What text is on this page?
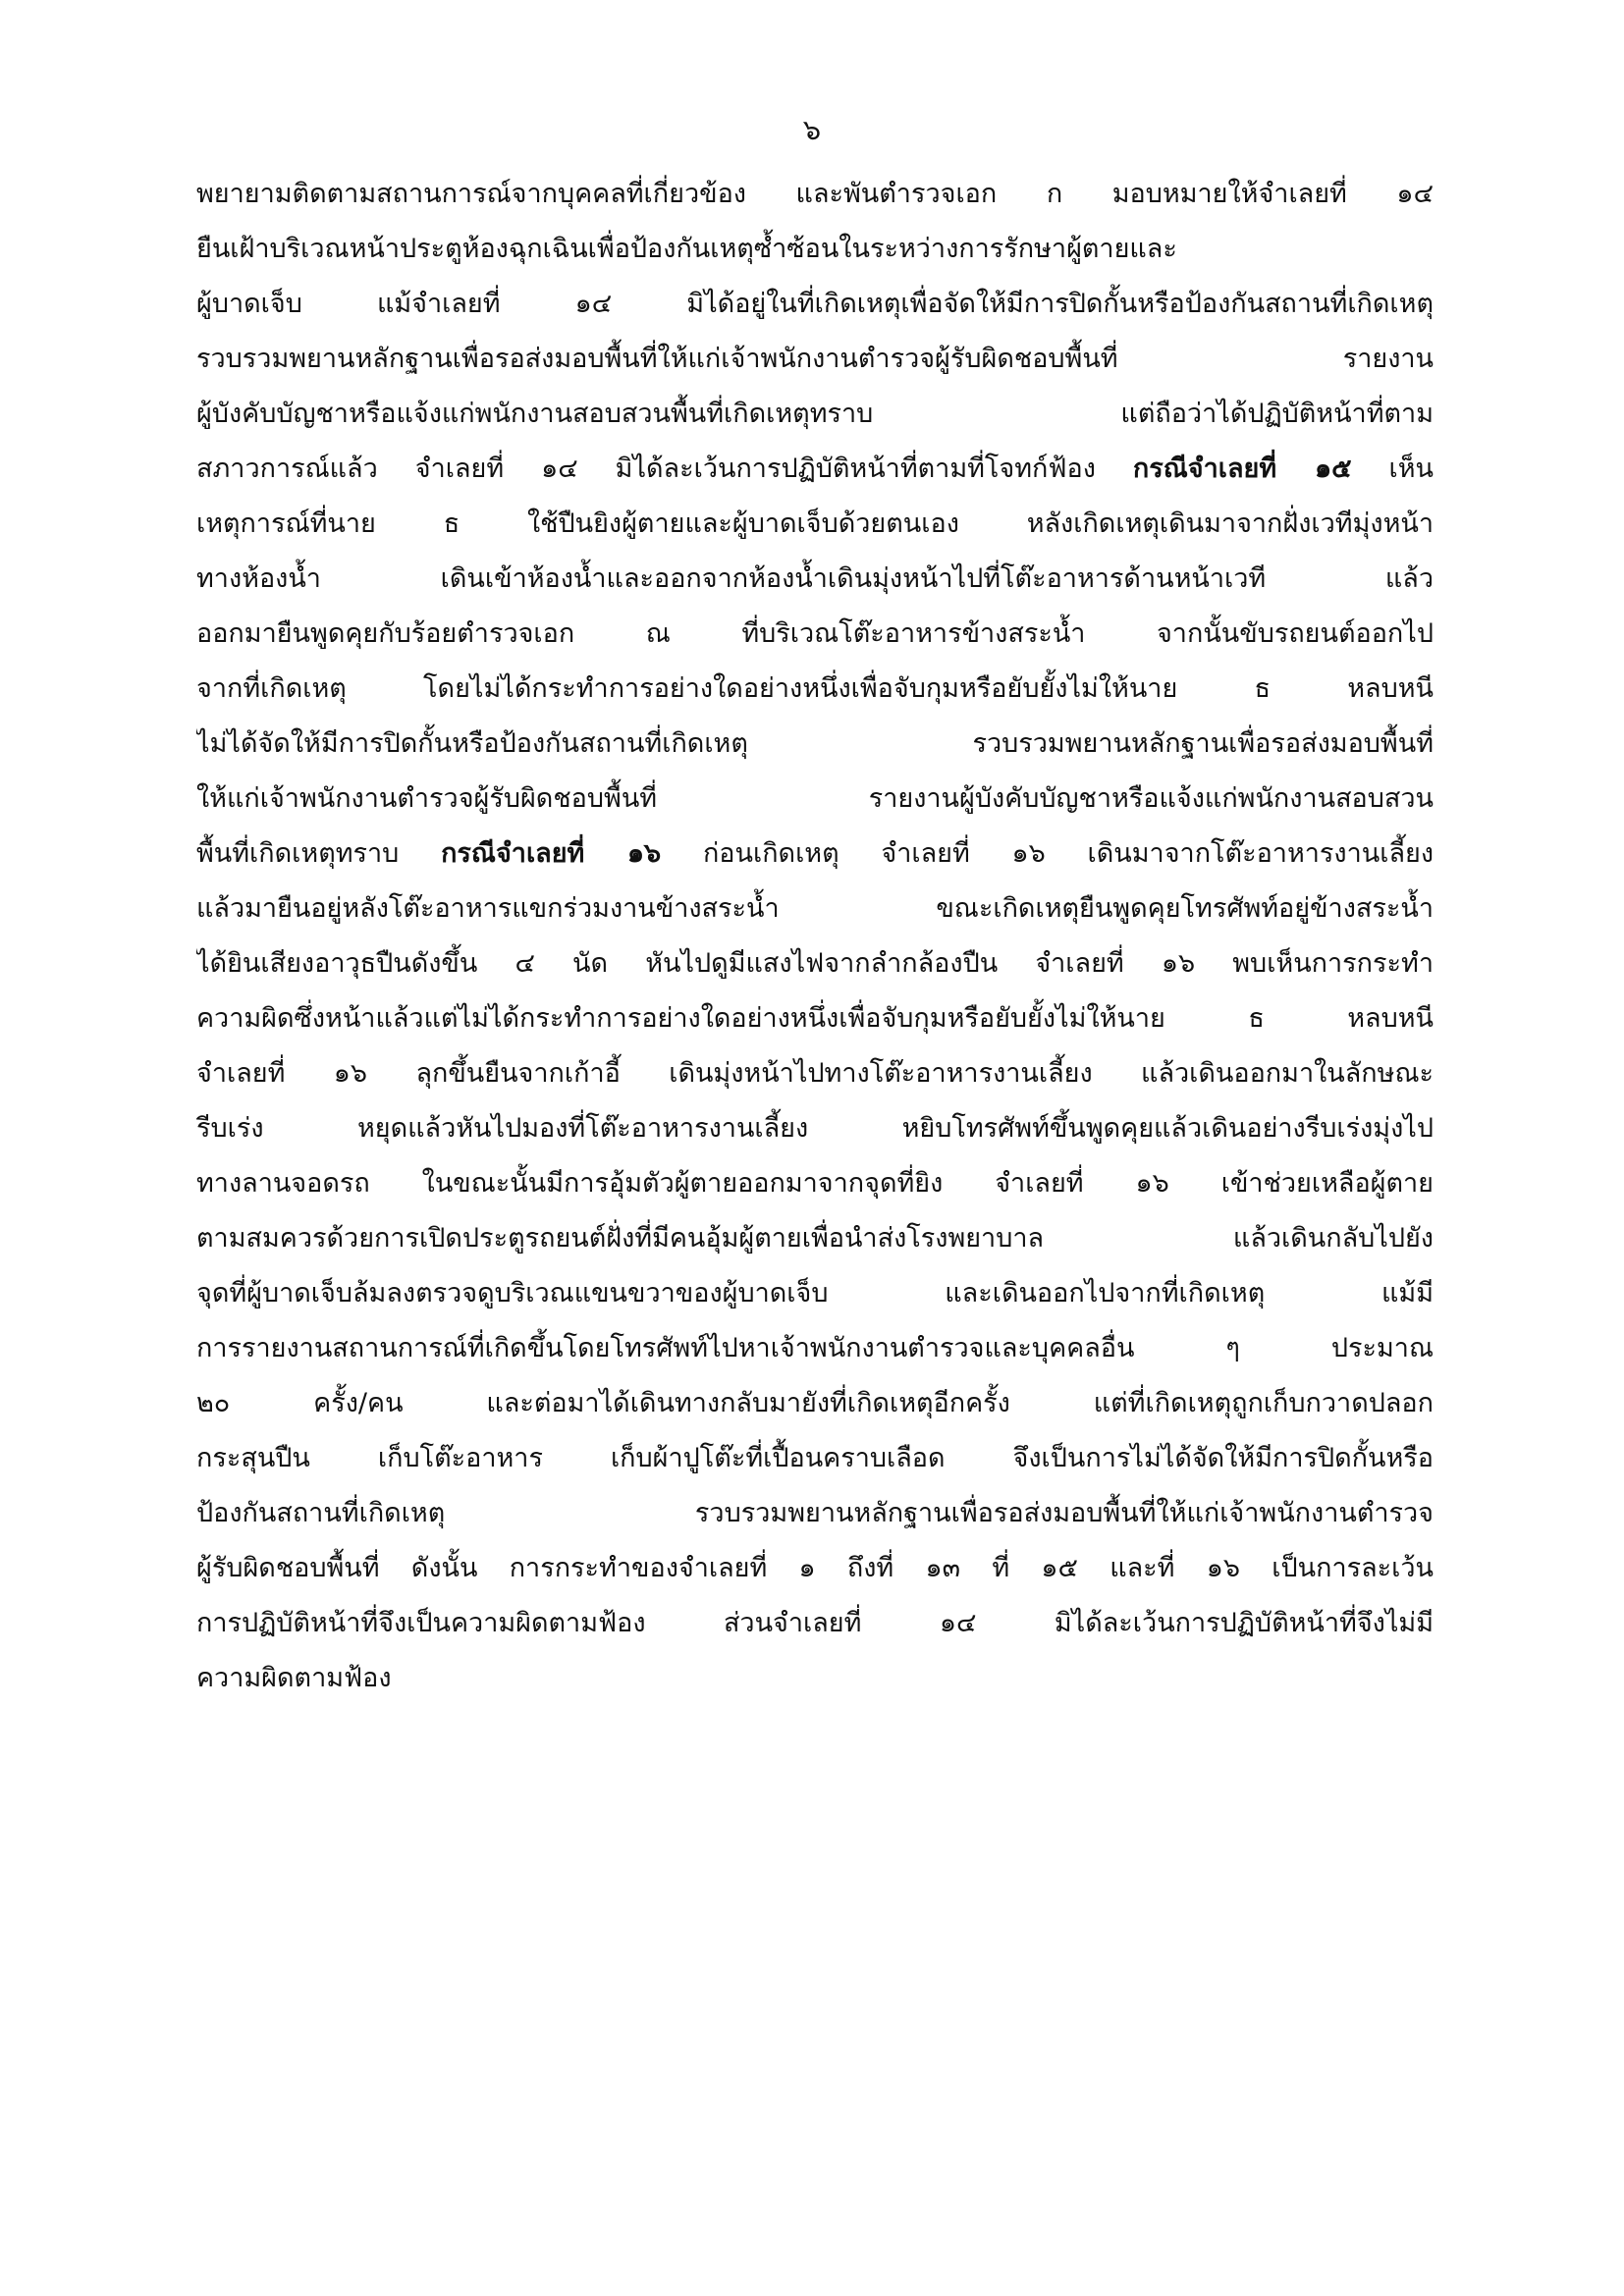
๖
พยายามติดตามสถานการณ์จากบุคคลที่เกี่ยวข้อง และพันตำรวจเอก ก มอบหมายให้จำเลยที่ ๑๔
ยืนเฝ้าบริเวณหน้าประตูห้องฉุกเฉินเพื่อป้องกันเหตุซ้ำซ้อนในระหว่างการรักษาผู้ตายและ
ผู้บาดเจ็บ แม้จำเลยที่ ๑๔ มิได้อยู่ในที่เกิดเหตุเพื่อจัดให้มีการปิดกั้นหรือป้องกันสถานที่เกิดเหตุ
รวบรวมพยานหลักฐานเพื่อรอส่งมอบพื้นที่ให้แก่เจ้าพนักงานตำรวจผู้รับผิดชอบพื้นที่ รายงาน
ผู้บังคับบัญชาหรือแจ้งแก่พนักงานสอบสวนพื้นที่เกิดเหตุทราบ แต่ถือว่าได้ปฏิบัติหน้าที่ตาม
สภาวการณ์แล้ว จำเลยที่ ๑๔ มิได้ละเว้นการปฏิบัติหน้าที่ตามที่โจทก์ฟ้อง กรณีจำเลยที่ ๑๕ เห็น
เหตุการณ์ที่นาย ธ ใช้ปืนยิงผู้ตายและผู้บาดเจ็บด้วยตนเอง หลังเกิดเหตุเดินมาจากฝั่งเวทีมุ่งหน้า
ทางห้องน้ำ เดินเข้าห้องน้ำและออกจากห้องน้ำเดินมุ่งหน้าไปที่โต๊ะอาหารด้านหน้าเวที แล้ว
ออกมายืนพูดคุยกับร้อยตำรวจเอก ณ ที่บริเวณโต๊ะอาหารข้างสระน้ำ จากนั้นขับรถยนต์ออกไป
จากที่เกิดเหตุ โดยไม่ได้กระทำการอย่างใดอย่างหนึ่งเพื่อจับกุมหรือยับยั้งไม่ให้นาย ธ หลบหนี
ไม่ได้จัดให้มีการปิดกั้นหรือป้องกันสถานที่เกิดเหตุ รวบรวมพยานหลักฐานเพื่อรอส่งมอบพื้นที่
ให้แก่เจ้าพนักงานตำรวจผู้รับผิดชอบพื้นที่ รายงานผู้บังคับบัญชาหรือแจ้งแก่พนักงานสอบสวน
พื้นที่เกิดเหตุทราบ กรณีจำเลยที่ ๑๖ ก่อนเกิดเหตุ จำเลยที่ ๑๖ เดินมาจากโต๊ะอาหารงานเลี้ยง
แล้วมายืนอยู่หลังโต๊ะอาหารแขกร่วมงานข้างสระน้ำ ขณะเกิดเหตุยืนพูดคุยโทรศัพท์อยู่ข้างสระน้ำ
ได้ยินเสียงอาวุธปืนดังขึ้น ๔ นัด หันไปดูมีแสงไฟจากลำกล้องปืน จำเลยที่ ๑๖ พบเห็นการกระทำ
ความผิดซึ่งหน้าแล้วแต่ไม่ได้กระทำการอย่างใดอย่างหนึ่งเพื่อจับกุมหรือยับยั้งไม่ให้นาย ธ หลบหนี
จำเลยที่ ๑๖ ลุกขึ้นยืนจากเก้าอี้ เดินมุ่งหน้าไปทางโต๊ะอาหารงานเลี้ยง แล้วเดินออกมาในลักษณะ
รีบเร่ง หยุดแล้วหันไปมองที่โต๊ะอาหารงานเลี้ยง หยิบโทรศัพท์ขึ้นพูดคุยแล้วเดินอย่างรีบเร่งมุ่งไป
ทางลานจอดรถ ในขณะนั้นมีการอุ้มตัวผู้ตายออกมาจากจุดที่ยิง จำเลยที่ ๑๖ เข้าช่วยเหลือผู้ตาย
ตามสมควรด้วยการเปิดประตูรถยนต์ฝั่งที่มีคนอุ้มผู้ตายเพื่อนำส่งโรงพยาบาล แล้วเดินกลับไปยัง
จุดที่ผู้บาดเจ็บล้มลงตรวจดูบริเวณแขนขวาของผู้บาดเจ็บ และเดินออกไปจากที่เกิดเหตุ แม้มี
การรายงานสถานการณ์ที่เกิดขึ้นโดยโทรศัพท์ไปหาเจ้าพนักงานตำรวจและบุคคลอื่น ๆ ประมาณ
๒๐ ครั้ง/คน และต่อมาได้เดินทางกลับมายังที่เกิดเหตุอีกครั้ง แต่ที่เกิดเหตุถูกเก็บกวาดปลอก
กระสุนปืน เก็บโต๊ะอาหาร เก็บผ้าปูโต๊ะที่เปื้อนคราบเลือด จึงเป็นการไม่ได้จัดให้มีการปิดกั้นหรือ
ป้องกันสถานที่เกิดเหตุ รวบรวมพยานหลักฐานเพื่อรอส่งมอบพื้นที่ให้แก่เจ้าพนักงานตำรวจ
ผู้รับผิดชอบพื้นที่ ดังนั้น การกระทำของจำเลยที่ ๑ ถึงที่ ๑๓ ที่ ๑๕ และที่ ๑๖ เป็นการละเว้น
การปฏิบัติหน้าที่จึงเป็นความผิดตามฟ้อง ส่วนจำเลยที่ ๑๔ มิได้ละเว้นการปฏิบัติหน้าที่จึงไม่มี
ความผิดตามฟ้อง
